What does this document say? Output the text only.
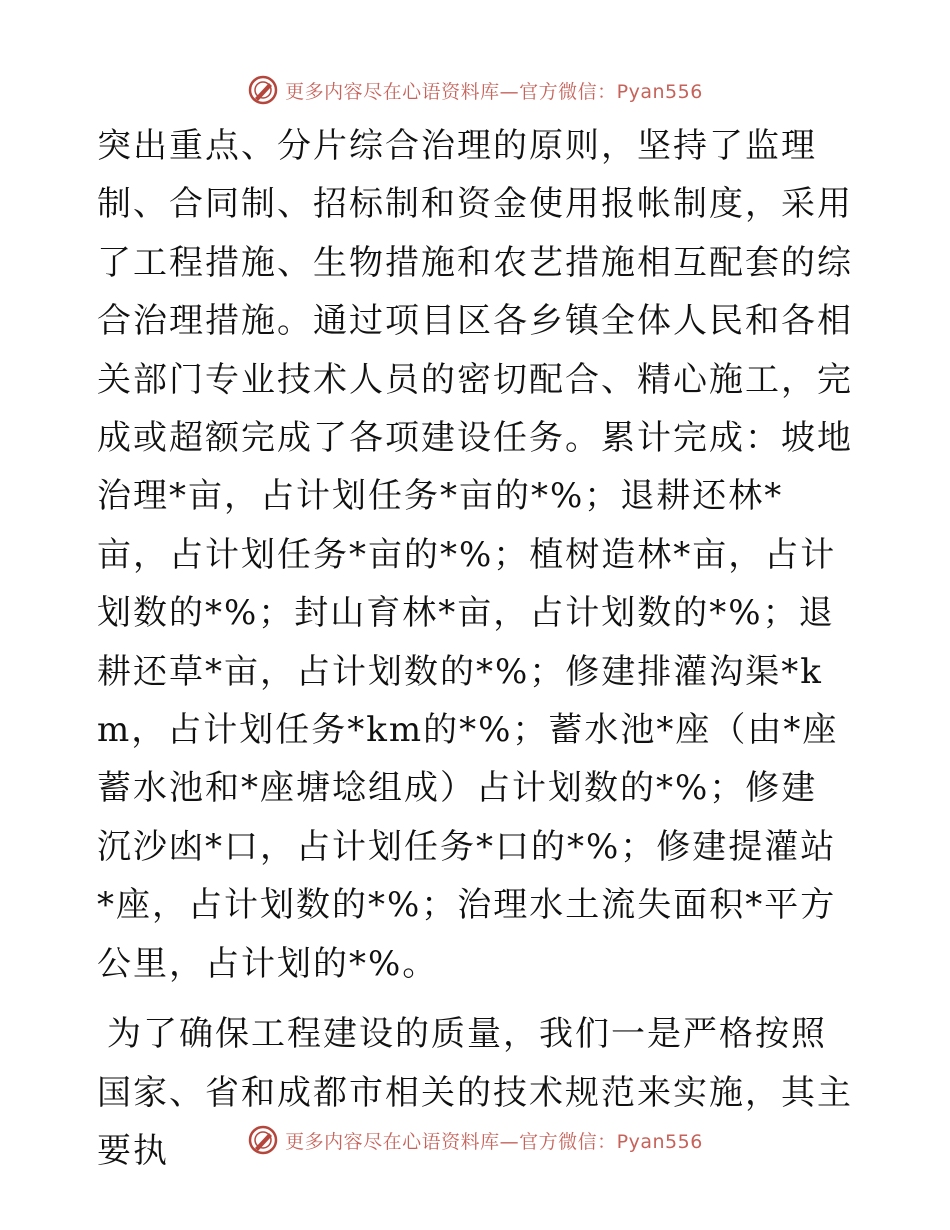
更多内容尽在心语资料库—官方微信：Pyan556

突出重点、分片综合治理的原则，坚持了监理制、合同制、招标制和资金使用报帐制度，采用了工程措施、生物措施和农艺措施相互配套的综合治理措施。通过项目区各乡镇全体人民和各相关部门专业技术人员的密切配合、精心施工，完成或超额完成了各项建设任务。累计完成：坡地治理*亩，占计划任务*亩的*%；退耕还林*亩，占计划任务*亩的*%；植树造林*亩，占计划数的*%；封山育林*亩，占计划数的*%；退耕还草*亩，占计划数的*%；修建排灌沟渠*km，占计划任务*km的*%；蓄水池*座（由*座蓄水池和*座塘埝组成）占计划数的*%；修建沉沙凼*口，占计划任务*口的*%；修建提灌站*座，占计划数的*%；治理水土流失面积*平方公里，占计划的*%。

为了确保工程建设的质量，我们一是严格按照国家、省和成都市相关的技术规范来实施，其主要执	更多内容尽在心语资料库—官方微信：Pyan556
